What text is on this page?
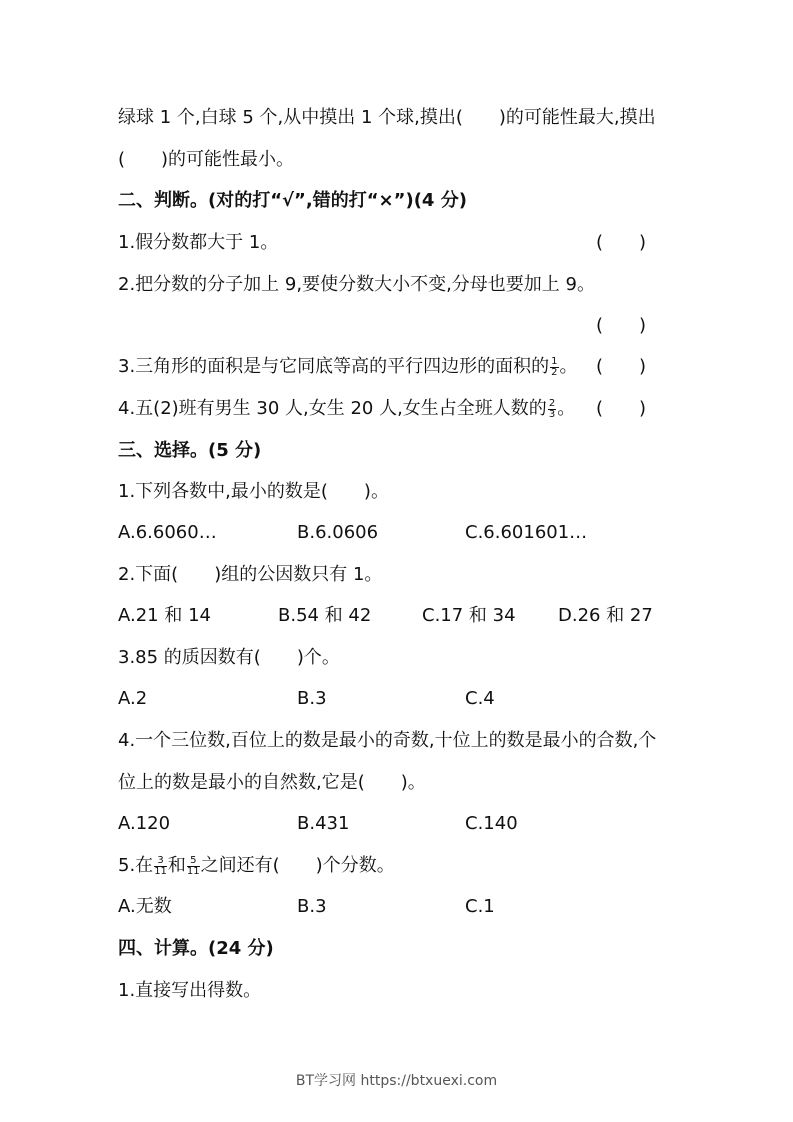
绿球 1 个,白球 5 个,从中摸出 1 个球,摸出(　　)的可能性最大,摸出
(　　)的可能性最小。
二、判断。(对的打“√”,错的打“×”)(4 分)
1.假分数都大于 1。	(　　)
2.把分数的分子加上 9,要使分数大小不变,分母也要加上 9。
(　　)
3.三角形的面积是与它同底等高的平行四边形的面积的 $\frac{1}{2}$ 。 (　　)
4.五(2)班有男生 30 人,女生 20 人,女生占全班人数的 $\frac{2}{3}$ 。 (　　)
三、选择。(5 分)
1.下列各数中,最小的数是(　　)。
A.6.6060…	B.6.0606	C.6.601601…
2.下面(　　)组的公因数只有 1。
A.21 和 14	B.54 和 42	C.17 和 34 D.26 和 27
3.85 的质因数有(　　)个。
A.2	B.3	C.4
4.一个三位数,百位上的数是最小的奇数,十位上的数是最小的合数,个
位上的数是最小的自然数,它是(　　)。
A.120	B.431	C.140
5.在 $\frac{3}{11}$ 和 $\frac{5}{11}$ 之间还有(　　)个分数。
A.无数	B.3	C.1
四、计算。(24 分)
1.直接写出得数。
BT学习网 https://btxuexi.com
